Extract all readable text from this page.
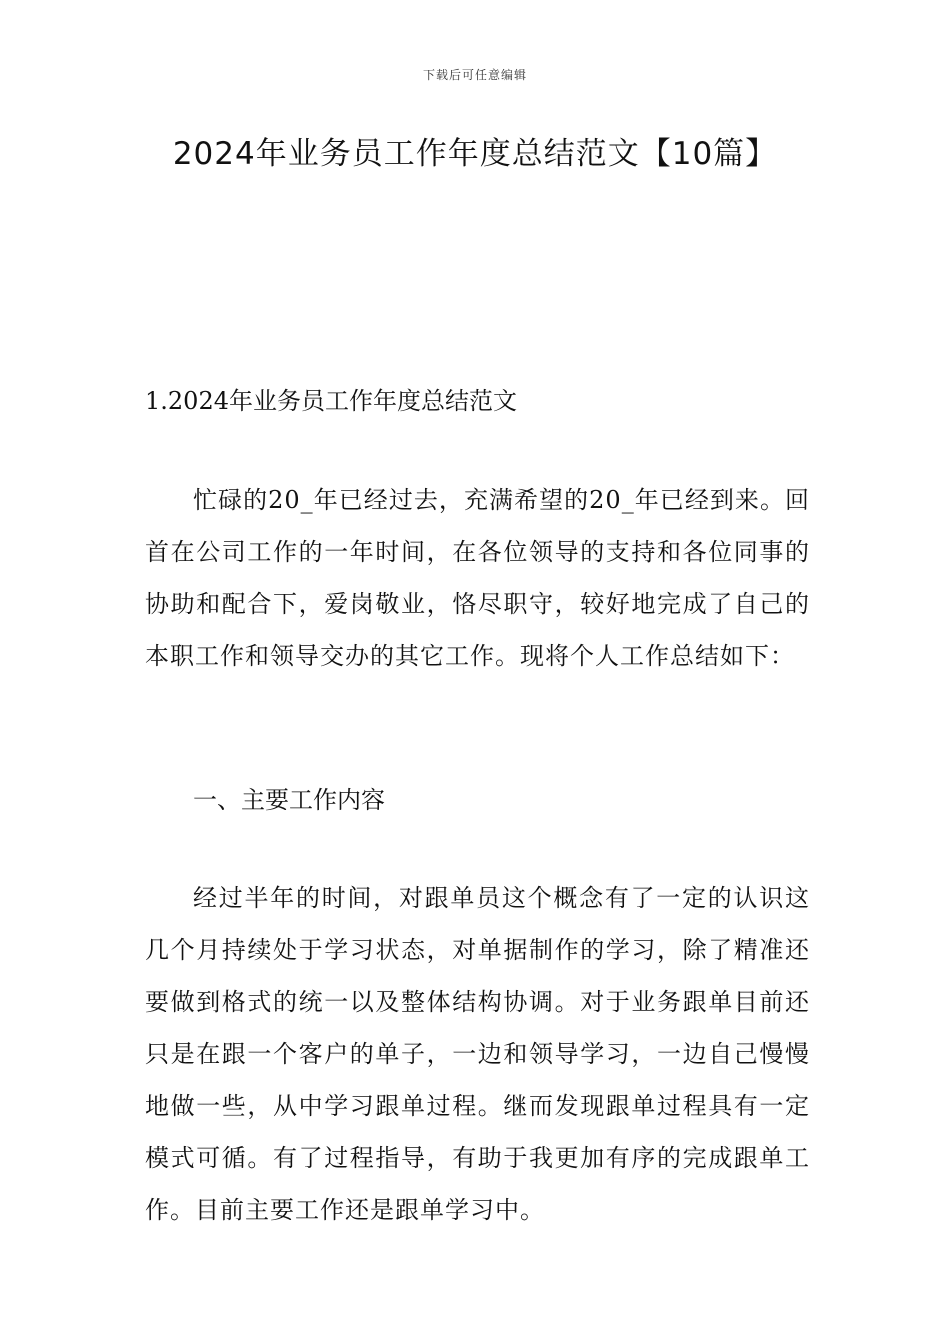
下载后可任意编辑
2024年业务员工作年度总结范文【10篇】
1.2024年业务员工作年度总结范文

忙碌的20_年已经过去，充满希望的20_年已经到来。回首在公司工作的一年时间，在各位领导的支持和各位同事的协助和配合下，爱岗敬业，恪尽职守，较好地完成了自己的本职工作和领导交办的其它工作。现将个人工作总结如下：

一、主要工作内容

经过半年的时间，对跟单员这个概念有了一定的认识这几个月持续处于学习状态，对单据制作的学习，除了精准还要做到格式的统一以及整体结构协调。对于业务跟单目前还只是在跟一个客户的单子，一边和领导学习，一边自己慢慢地做一些，从中学习跟单过程。继而发现跟单过程具有一定模式可循。有了过程指导，有助于我更加有序的完成跟单工作。目前主要工作还是跟单学习中。
